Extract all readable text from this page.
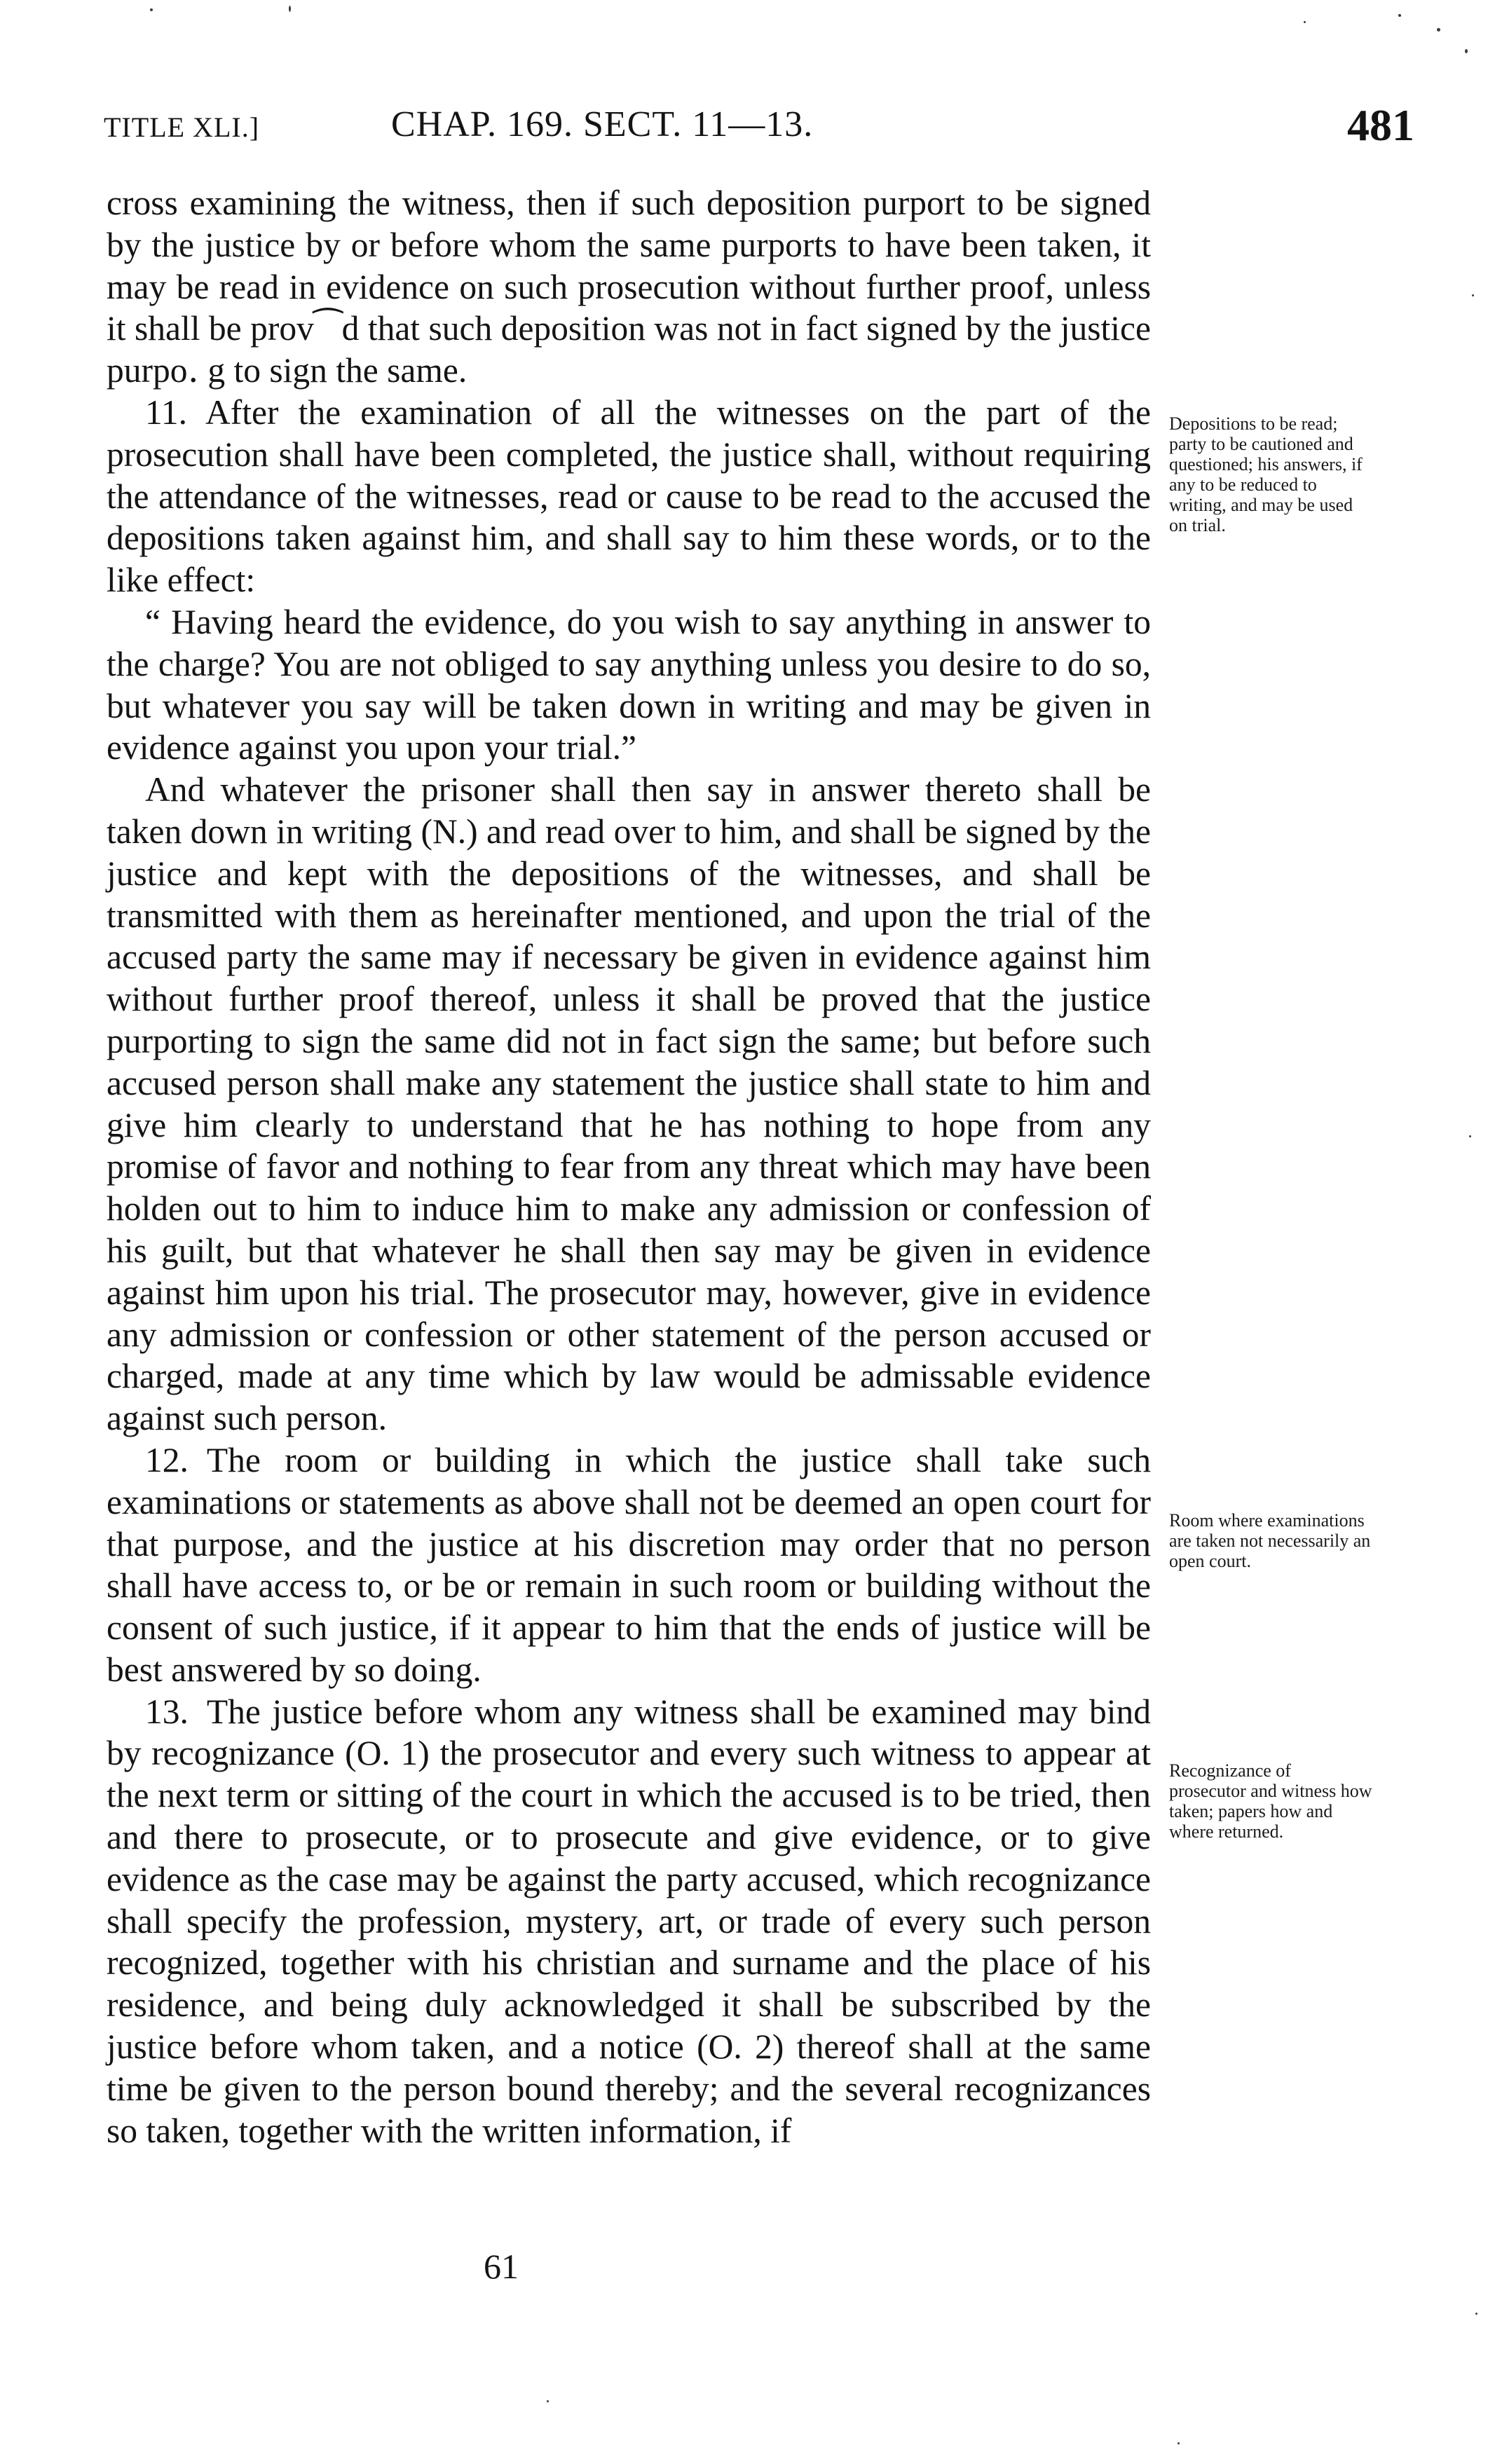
TITLE XLI.]	CHAP. 169. SECT. 11—13.	481

cross examining the witness, then if such deposition purport to be signed by the justice by or before whom the same purports to have been taken, it may be read in evidence on such prosecution without further proof, unless it shall be prov⁀d that such deposition was not in fact signed by the justice purpo․ g to sign the same.

11. After the examination of all the witnesses on the part of the prosecution shall have been completed, the justice shall, without requiring the attendance of the witnesses, read or cause to be read to the accused the depositions taken against him, and shall say to him these words, or to the like effect:

“ Having heard the evidence, do you wish to say anything in answer to the charge? You are not obliged to say anything unless you desire to do so, but whatever you say will be taken down in writing and may be given in evidence against you upon your trial.”

And whatever the prisoner shall then say in answer thereto shall be taken down in writing (N.) and read over to him, and shall be signed by the justice and kept with the depositions of the witnesses, and shall be transmitted with them as hereinafter mentioned, and upon the trial of the accused party the same may if necessary be given in evidence against him without further proof thereof, unless it shall be proved that the justice purporting to sign the same did not in fact sign the same; but before such accused person shall make any statement the justice shall state to him and give him clearly to understand that he has nothing to hope from any promise of favor and nothing to fear from any threat which may have been holden out to him to induce him to make any admission or confession of his guilt, but that whatever he shall then say may be given in evidence against him upon his trial. The prosecutor may, however, give in evidence any admission or confession or other statement of the person accused or charged, made at any time which by law would be admissable evidence against such person.

12. The room or building in which the justice shall take such examinations or statements as above shall not be deemed an open court for that purpose, and the justice at his discretion may order that no person shall have access to, or be or remain in such room or building without the consent of such justice, if it appear to him that the ends of justice will be best answered by so doing.

13. The justice before whom any witness shall be examined may bind by recognizance (O. 1) the prosecutor and every such witness to appear at the next term or sitting of the court in which the accused is to be tried, then and there to prosecute, or to prosecute and give evidence, or to give evidence as the case may be against the party accused, which recognizance shall specify the profession, mystery, art, or trade of every such person recognized, together with his christian and surname and the place of his residence, and being duly acknowledged it shall be subscribed by the justice before whom taken, and a notice (O. 2) thereof shall at the same time be given to the person bound thereby; and the several recognizances so taken, together with the written information, if

Depositions to be read; party to be cautioned and questioned; his answers, if any to be reduced to writing, and may be used on trial.
Room where examinations are taken not necessarily an open court.
Recognizance of prosecutor and witness how taken; papers how and where returned.
61
